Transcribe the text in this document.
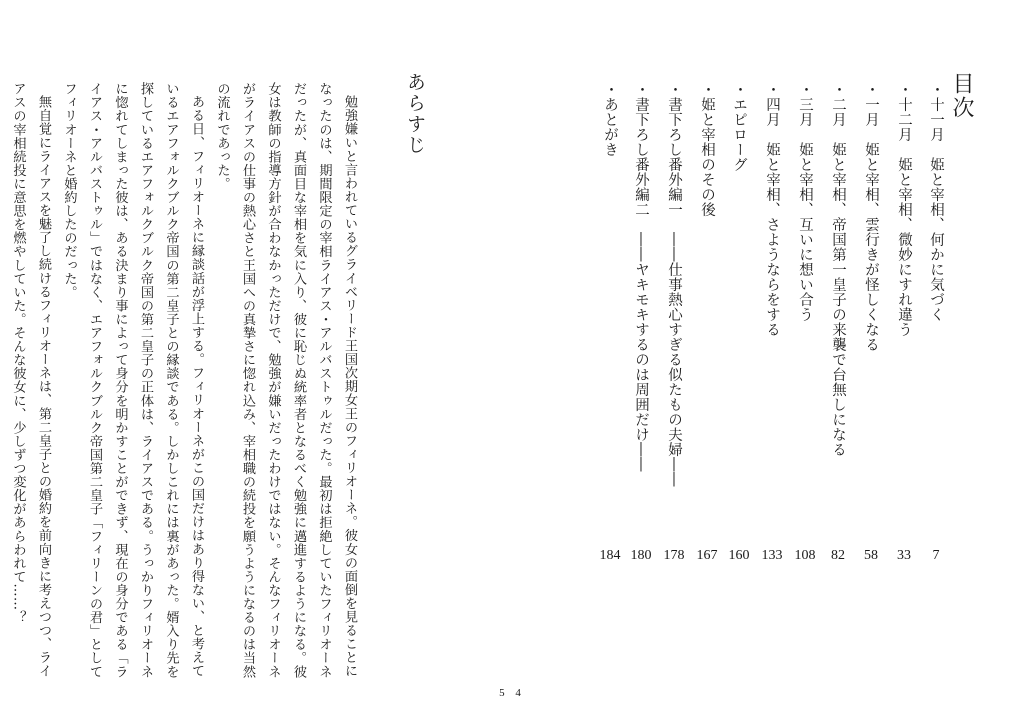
目次
・十一月　姫と宰相、何かに気づく
・十二月　姫と宰相、微妙にすれ違う
・一月　姫と宰相、雲行きが怪しくなる
・二月　姫と宰相、帝国第一皇子の来襲で台無しになる
・三月　姫と宰相、互いに想い合う
・四月　姫と宰相、さようならをする
・エピローグ
・姫と宰相のその後
・書下ろし番外編一　――仕事熱心すぎる似たもの夫婦――
・書下ろし番外編二　――ヤキモキするのは周囲だけ――
・あとがき
7
33
58
82
108
133
160
167
178
180
184
あらすじ

勉強嫌いと言われているグライベリード王国次期女王のフィリオーネ。彼女の面倒を見ることになったのは、期間限定の宰相ライアス・アルバストゥルだった。最初は拒絶していたフィリオーネだったが、真面目な宰相を気に入り、彼に恥じぬ統率者となるべく勉強に邁進するようになる。彼女は教師の指導方針が合わなかっただけで、勉強が嫌いだったわけではない。そんなフィリオーネがライアスの仕事の熱心さと王国への真摯さに惚れ込み、宰相職の続投を願うようになるのは当然の流れであった。

ある日、フィリオーネに縁談話が浮上する。フィリオーネがこの国だけはあり得ない、と考えているエアフォルクブルク帝国の第二皇子との縁談である。しかしこれには裏があった。婿入り先を探しているエアフォルクブルク帝国の第二皇子の正体は、ライアスである。うっかりフィリオーネに惚れてしまった彼は、ある決まり事によって身分を明かすことができず、現在の身分である「ライアス・アルバストゥル」ではなく、エアフォルクブルク帝国第二皇子「フィリーンの君」としてフィリオーネと婚約したのだった。

無自覚にライアスを魅了し続けるフィリオーネは、第二皇子との婚約を前向きに考えつつ、ライアスの宰相続投に意思を燃やしていた。そんな彼女に、少しずつ変化があらわれて……？

5 4
